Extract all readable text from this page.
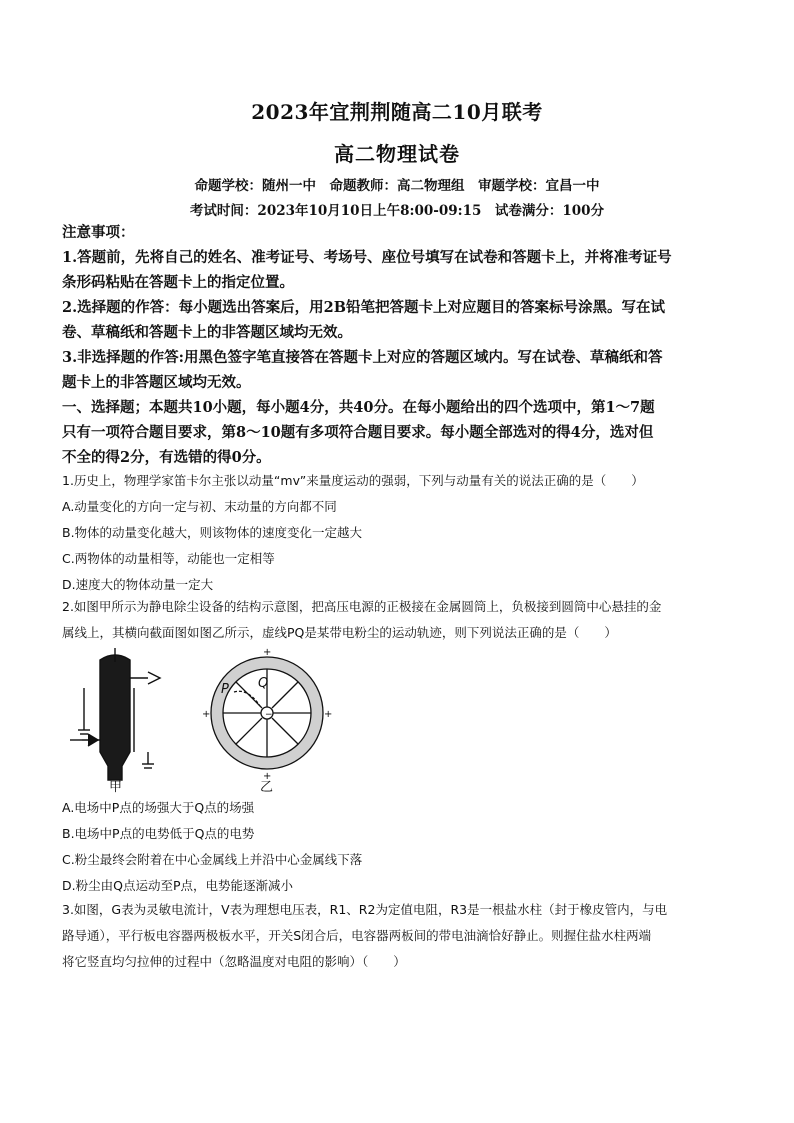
2023年宜荆荆随高二10月联考
高二物理试卷
命题学校：随州一中　命题教师：高二物理组　审题学校：宜昌一中
考试时间：2023年10月10日上午8:00-09:15　试卷满分：100分
注意事项：
1.答题前，先将自己的姓名、准考证号、考场号、座位号填写在试卷和答题卡上，并将准考证号
条形码粘贴在答题卡上的指定位置。
2.选择题的作答：每小题选出答案后，用2B铅笔把答题卡上对应题目的答案标号涂黑。写在试
卷、草稿纸和答题卡上的非答题区域均无效。
3.非选择题的作答:用黑色签字笔直接答在答题卡上对应的答题区域内。写在试卷、草稿纸和答
题卡上的非答题区域均无效。
一、选择题；本题共10小题，每小题4分，共40分。在每小题给出的四个选项中，第1～7题
只有一项符合题目要求，第8～10题有多项符合题目要求。每小题全部选对的得4分，选对但
不全的得2分，有选错的得0分。
1.历史上，物理学家笛卡尔主张以动量“mv”来量度运动的强弱，下列与动量有关的说法正确的是（　　）
A.动量变化的方向一定与初、末动量的方向都不同
B.物体的动量变化越大，则该物体的速度变化一定越大
C.两物体的动量相等，动能也一定相等
D.速度大的物体动量一定大
2.如图甲所示为静电除尘设备的结构示意图，把高压电源的正极接在金属圆筒上，负极接到圆筒中心悬挂的金
属线上，其横向截面图如图乙所示，虚线PQ是某带电粉尘的运动轨迹，则下列说法正确的是（　　）
−
+
+
+	+
P Q
甲	乙
A.电场中P点的场强大于Q点的场强
B.电场中P点的电势低于Q点的电势
C.粉尘最终会附着在中心金属线上并沿中心金属线下落
D.粉尘由Q点运动至P点，电势能逐渐减小
3.如图，G表为灵敏电流计，V表为理想电压表，R1、R2为定值电阻，R3是一根盐水柱（封于橡皮管内，与电
路导通），平行板电容器两极板水平，开关S闭合后，电容器两板间的带电油滴恰好静止。则握住盐水柱两端
将它竖直均匀拉伸的过程中（忽略温度对电阻的影响）（　　）
